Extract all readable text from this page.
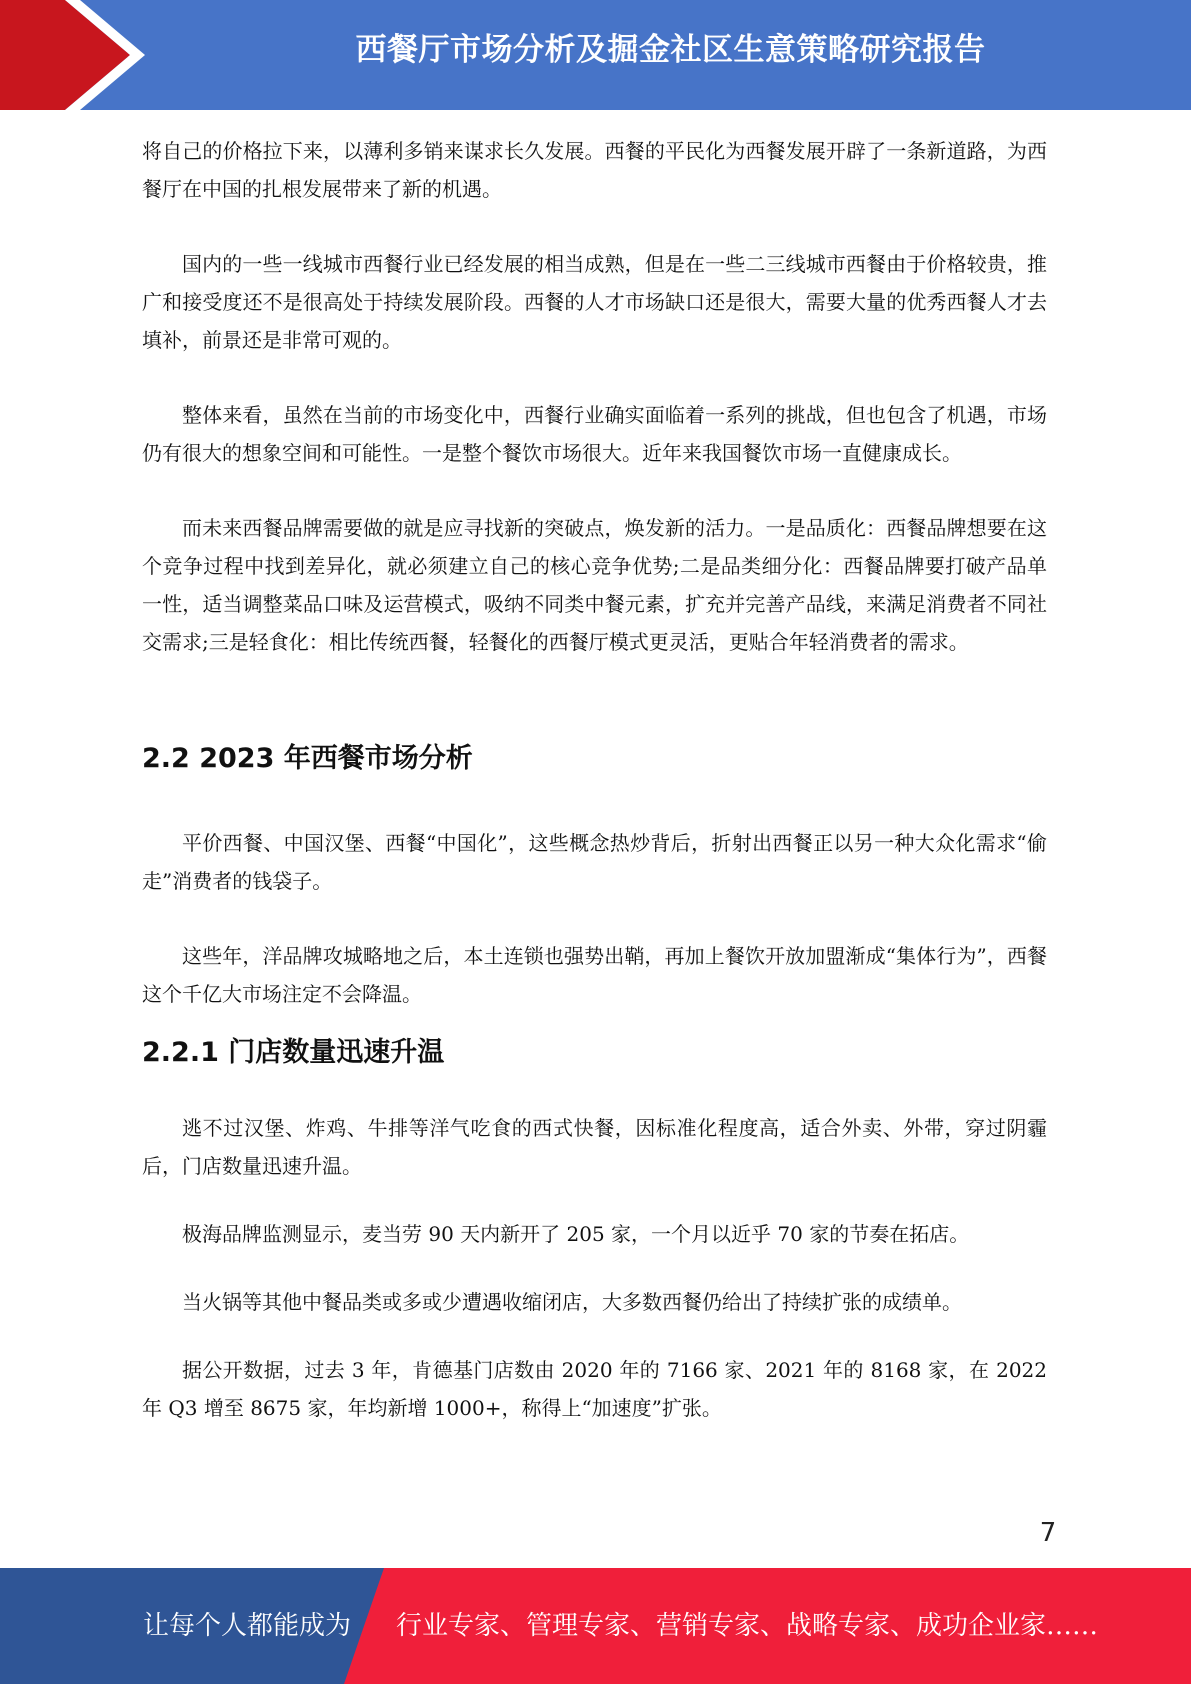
西餐厅市场分析及掘金社区生意策略研究报告

将自己的价格拉下来，以薄利多销来谋求长久发展。西餐的平民化为西餐发展开辟了一条新道路，为西餐厅在中国的扎根发展带来了新的机遇。

国内的一些一线城市西餐行业已经发展的相当成熟，但是在一些二三线城市西餐由于价格较贵，推广和接受度还不是很高处于持续发展阶段。西餐的人才市场缺口还是很大，需要大量的优秀西餐人才去填补，前景还是非常可观的。

整体来看，虽然在当前的市场变化中，西餐行业确实面临着一系列的挑战，但也包含了机遇，市场仍有很大的想象空间和可能性。一是整个餐饮市场很大。近年来我国餐饮市场一直健康成长。

而未来西餐品牌需要做的就是应寻找新的突破点，焕发新的活力。一是品质化：西餐品牌想要在这个竞争过程中找到差异化，就必须建立自己的核心竞争优势;二是品类细分化：西餐品牌要打破产品单一性，适当调整菜品口味及运营模式，吸纳不同类中餐元素，扩充并完善产品线，来满足消费者不同社交需求;三是轻食化：相比传统西餐，轻餐化的西餐厅模式更灵活，更贴合年轻消费者的需求。

2.2 2023 年西餐市场分析

平价西餐、中国汉堡、西餐“中国化”，这些概念热炒背后，折射出西餐正以另一种大众化需求“偷走”消费者的钱袋子。

这些年，洋品牌攻城略地之后，本土连锁也强势出鞘，再加上餐饮开放加盟渐成“集体行为”，西餐这个千亿大市场注定不会降温。

2.2.1 门店数量迅速升温

逃不过汉堡、炸鸡、牛排等洋气吃食的西式快餐，因标准化程度高，适合外卖、外带，穿过阴霾后，门店数量迅速升温。

极海品牌监测显示，麦当劳 90 天内新开了 205 家，一个月以近乎 70 家的节奏在拓店。

当火锅等其他中餐品类或多或少遭遇收缩闭店，大多数西餐仍给出了持续扩张的成绩单。

据公开数据，过去 3 年，肯德基门店数由 2020 年的 7166 家、2021 年的 8168 家，在 2022 年 Q3 增至 8675 家，年均新增 1000+，称得上“加速度”扩张。

7
让每个人都能成为 行业专家、管理专家、营销专家、战略专家、成功企业家……
